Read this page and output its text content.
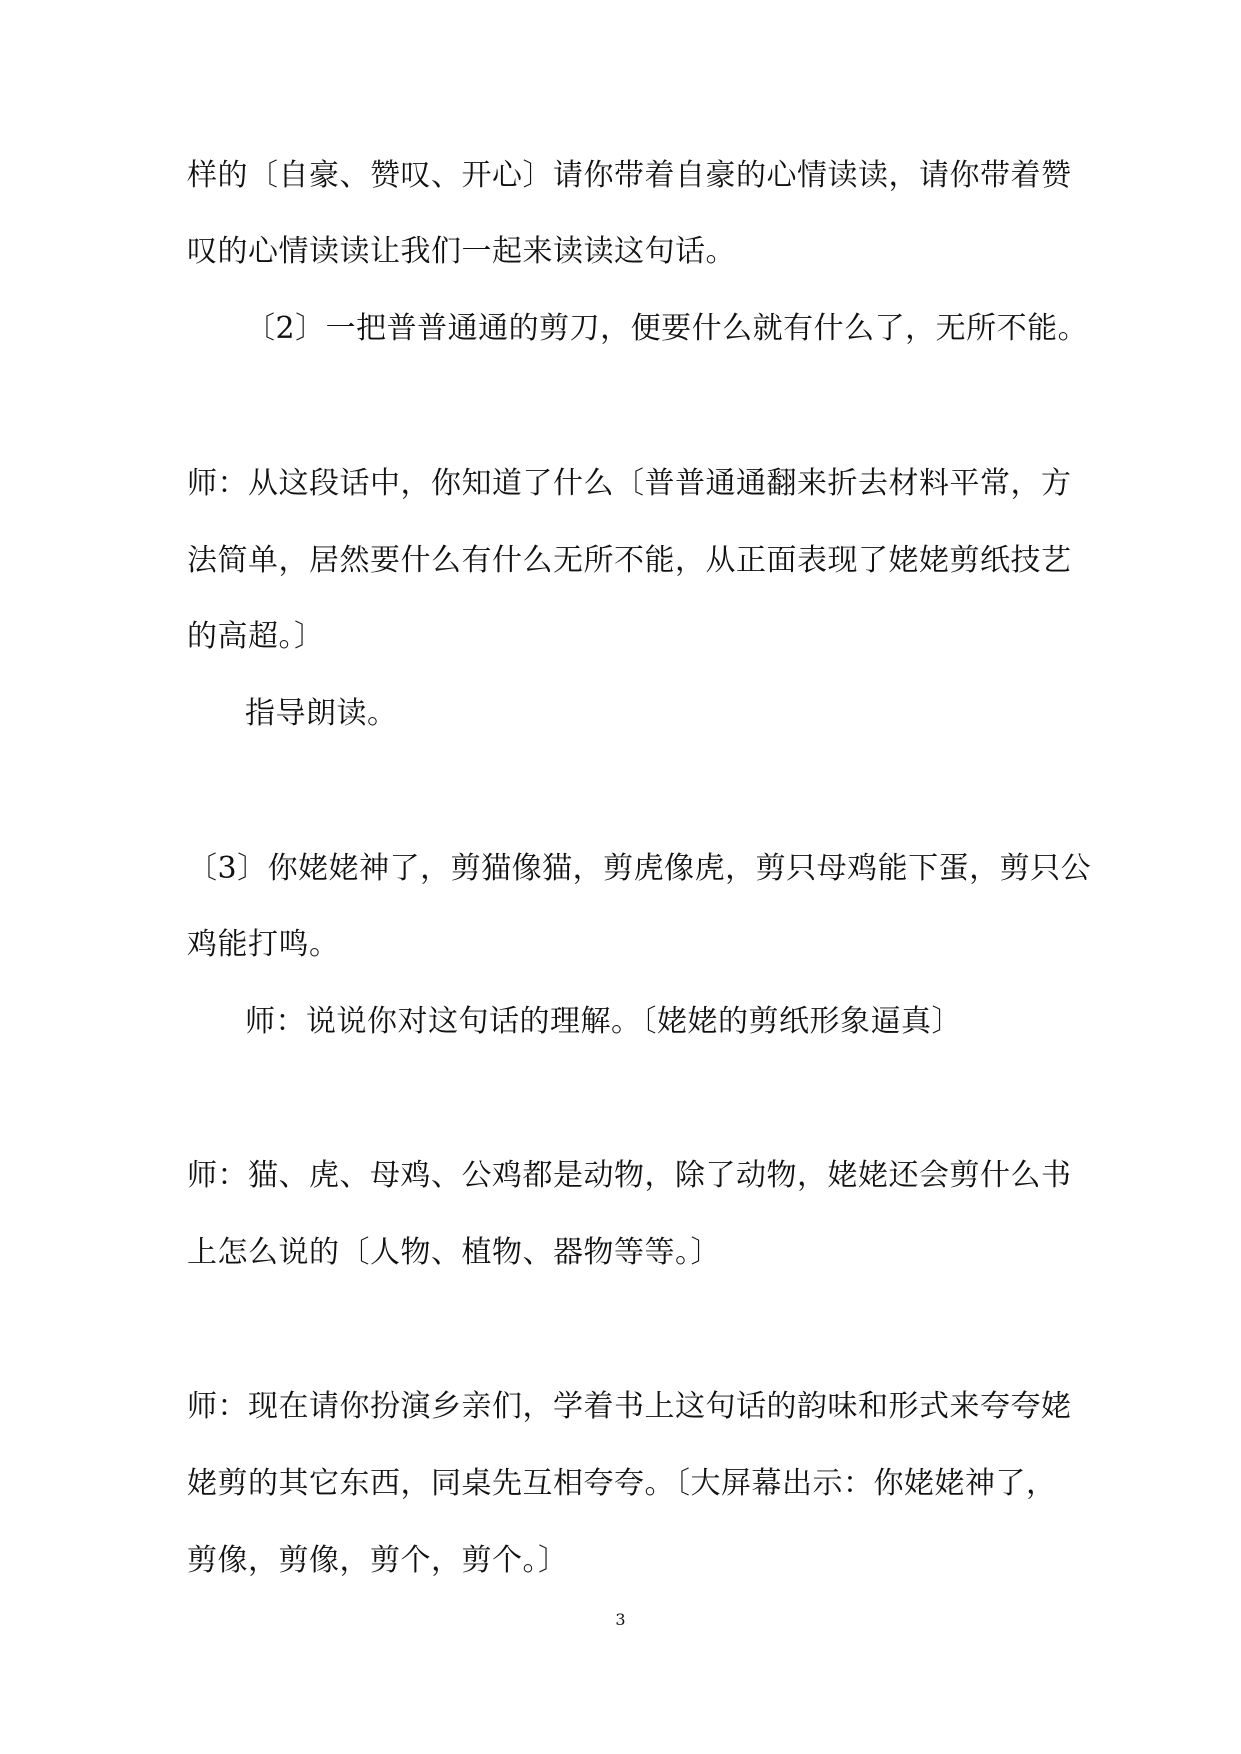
样的〔自豪、赞叹、开心〕请你带着自豪的心情读读，请你带着赞
叹的心情读读让我们一起来读读这句话。
〔2〕一把普普通通的剪刀，便要什么就有什么了，无所不能。
师：从这段话中，你知道了什么〔普普通通翻来折去材料平常，方
法简单，居然要什么有什么无所不能，从正面表现了姥姥剪纸技艺
的高超。〕
指导朗读。
〔3〕你姥姥神了，剪猫像猫，剪虎像虎，剪只母鸡能下蛋，剪只公
鸡能打鸣。
师：说说你对这句话的理解。〔姥姥的剪纸形象逼真〕
师：猫、虎、母鸡、公鸡都是动物，除了动物，姥姥还会剪什么书
上怎么说的〔人物、植物、器物等等。〕
师：现在请你扮演乡亲们，学着书上这句话的韵味和形式来夸夸姥
姥剪的其它东西，同桌先互相夸夸。〔大屏幕出示：你姥姥神了，
剪像，剪像，剪个，剪个。〕
3
